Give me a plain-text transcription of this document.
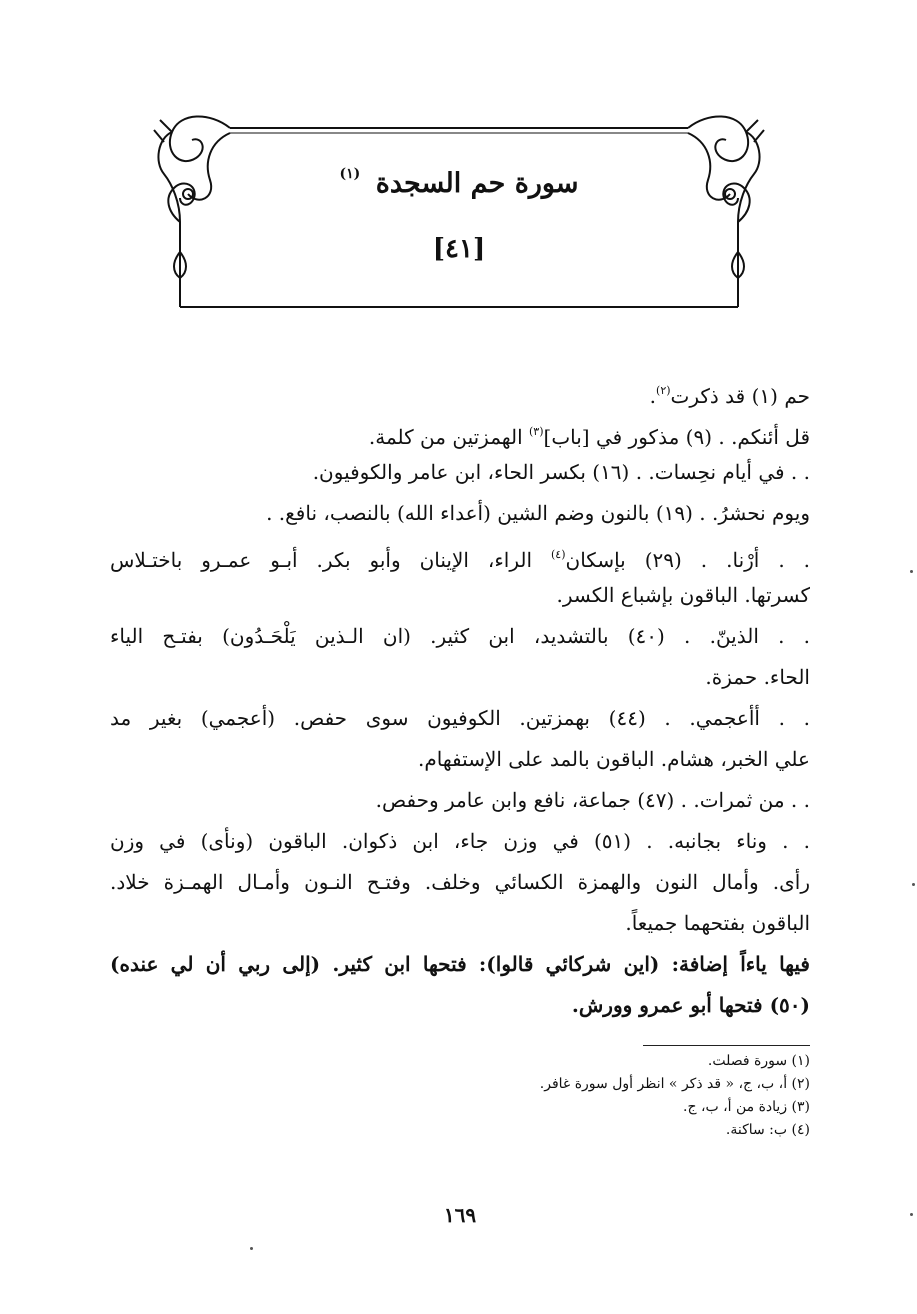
سورة حم السجدة $^{(١)}$
[٤١]
حم (١) قد ذكرت$^{(٢)}$.
قل أئنكم. . (٩) مذكور في [باب]$^{(٣)}$ الهمزتين من كلمة.
. . في أيام نحِسات. . (١٦) بكسر الحاء، ابن عامر والكوفيون.
ويوم نحشرُ. . (١٩) بالنون وضم الشين (أعداء الله) بالنصب، نافع. .
. . أرْنا. . (٢٩) بإسكان$^{(٤)}$ الراء، الإينان وأبو بكر. أبـو عمـرو باختـلاس
كسرتها. الباقون بإشباع الكسر.
. . الذينّ. . (٤٠) بالتشديد، ابن كثير. (ان الـذين يَلْحَـدُون) بفتـح الياء
الحاء. حمزة.
. . أأعجمي. . (٤٤) بهمزتين. الكوفيون سوى حفص. (أعجمي) بغير مد
علي الخبر، هشام. الباقون بالمد على الإستفهام.
. . من ثمرات. . (٤٧) جماعة، نافع وابن عامر وحفص.
. . وناء بجانبه. . (٥١) في وزن جاء، ابن ذكوان. الباقون (ونأى) في وزن
رأى. وأمال النون والهمزة الكسائي وخلف. وفتـح النـون وأمـال الهمـزة خلاد.
الباقون بفتحهما جميعاً.
فيها ياءاً إضافة: (اين شركائي قالوا): فتحها ابن كثير. (إلى ربي أن لي عنده)
(٥٠) فتحها أبو عمرو وورش.
(١) سورة فصلت.
(٢) أ، ب، ج، « قد ذكر » انظر أول سورة غافر.
(٣) زيادة من أ، ب، ج.
(٤) ب: ساكنة.
١٦٩
